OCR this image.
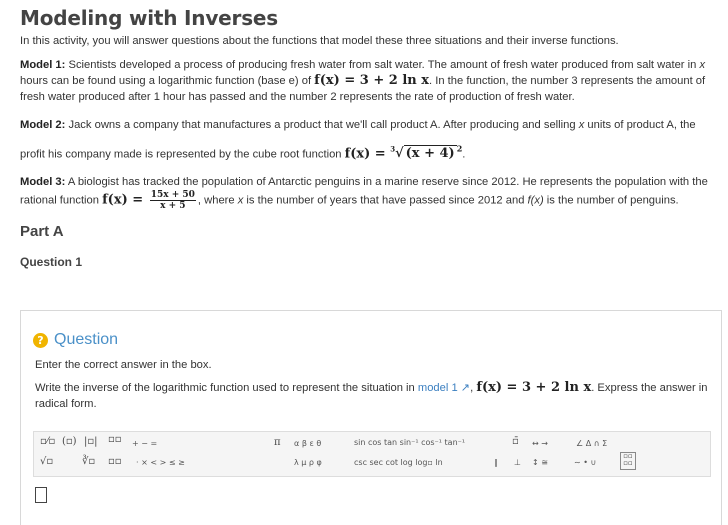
Modeling with Inverses

In this activity, you will answer questions about the functions that model these three situations and their inverse functions.

Model 1: Scientists developed a process of producing fresh water from salt water. The amount of fresh water produced from salt water in x hours can be found using a logarithmic function (base e) of f(x) = 3 + 2 ln x. In the function, the number 3 represents the amount of fresh water produced after 1 hour has passed and the number 2 represents the rate of production of fresh water.

Model 2: Jack owns a company that manufactures a product that we'll call product A. After producing and selling x units of product A, the profit his company made is represented by the cube root function f(x) = $^3$√ (x + 4) $^2$.

Model 3: A biologist has tracked the population of Antarctic penguins in a marine reserve since 2012. He represents the population with the rational function $f(x) = \frac{15x + 50}{x + 5}$ , where x is the number of years that have passed since 2012 and f(x) is the number of penguins.

Part A
Question 1
? Question
Enter the correct answer in the box.
Write the inverse of the logarithmic function used to represent the situation in model 1 ↗, f(x) = 3 + 2 ln x. Express the answer in radical form.
▫⁄▫ (▫) |▫| ▫▫
√▫	∛▫ ▫▫
+ − =
· × < > ≤ ≥
π α β ε θ
λ μ ρ φ
sin cos tan sin⁻¹ cos⁻¹ tan⁻¹
csc sec cot log log▫ ln	∥
▫̄
⊥
↔ →
↕ ≅
∠ Δ ∩ Σ
∼ • ∪
▫▫
▫▫
